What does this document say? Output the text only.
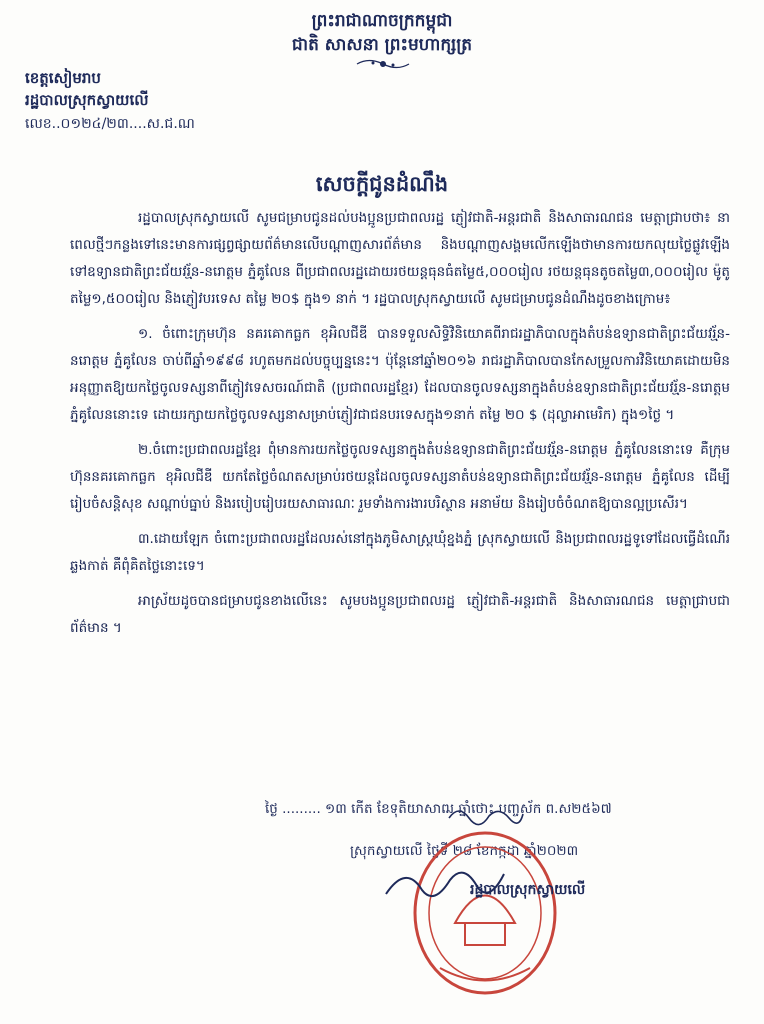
ព្រះរាជាណាចក្រកម្ពុជា
ជាតិ សាសនា ព្រះមហាក្សត្រ
ខេត្តសៀមរាប
រដ្ឋបាលស្រុកស្វាយលើ
លេខ..០១២៤/២៣....ស.ជ.ណ
សេចក្ដីជូនដំណឹង

រដ្ឋបាលស្រុកស្វាយលើ សូមជម្រាបជូនដល់បងប្អូនប្រជាពលរដ្ឋ ភ្ញៀវជាតិ-អន្តរជាតិ និងសាធារណជន មេត្តាជ្រាបថា៖ នាពេលថ្មីៗកន្លងទៅនេះមានការផ្សព្វផ្សាយព័ត៌មានលើបណ្ដាញសារព័ត៌មាន និងបណ្ដាញសង្គមលើកឡើងថាមានការយកលុយថ្លៃផ្លូវឡើងទៅឧទ្យានជាតិព្រះជ័យវរ្ម័ន-នរោត្តម ភ្នំគូលែន ពីប្រជាពលរដ្ឋដោយរថយន្តធុនធំតម្លៃ៥,០០០រៀល រថយន្តធុនតូចតម្លៃ៣,០០០រៀល ម៉ូតូតម្លៃ១,៥០០រៀល និងភ្ញៀវបរទេស តម្លៃ ២០$ ក្នុង១ នាក់ ។ រដ្ឋបាលស្រុកស្វាយលើ សូមជម្រាបជូនដំណឹងដូចខាងក្រោម៖

១. ចំពោះក្រុមហ៊ុន នគរគោកធ្លក ខុអិលជីឌី បានទទួលសិទ្ធិវិនិយោគពីរាជរដ្ឋាភិបាលក្នុងតំបន់ឧទ្យានជាតិព្រះជ័យវរ្ម័ន-នរោត្តម ភ្នំគូលែន ចាប់ពីឆ្នាំ១៩៩៨ រហូតមកដល់បច្ចុប្បន្ននេះ។ ប៉ុន្តែនៅឆ្នាំ២០១៦ រាជរដ្ឋាភិបាលបានកែសម្រួលការវិនិយោគដោយមិនអនុញ្ញាតឱ្យយកថ្លៃចូលទស្សនាពីភ្ញៀវទេសចរណ៍ជាតិ (ប្រជាពលរដ្ឋខ្មែរ) ដែលបានចូលទស្សនាក្នុងតំបន់ឧទ្យានជាតិព្រះជ័យវរ្ម័ន-នរោត្តម ភ្នំគូលែននោះទេ ដោយរក្សាយកថ្លៃចូលទស្សនាសម្រាប់ភ្ញៀវជាជនបរទេសក្នុង១នាក់ តម្លៃ ២០ $ (ដុល្លាអាមេរិក) ក្នុង១ថ្ងៃ ។

២.ចំពោះប្រជាពលរដ្ឋខ្មែរ ពុំមានការយកថ្លៃចូលទស្សនាក្នុងតំបន់ឧទ្យានជាតិព្រះជ័យវរ្ម័ន-នរោត្តម ភ្នំគូលែននោះទេ គឺក្រុមហ៊ុននគរគោកធ្លក ខុអិលជីឌី យកតែថ្លៃចំណតសម្រាប់រថយន្តដែលចូលទស្សនាតំបន់ឧទ្យានជាតិព្រះជ័យវរ្ម័ន-នរោត្តម ភ្នំគូលែន ដើម្បីរៀបចំសន្តិសុខ សណ្ដាប់ធ្នាប់ និងរបៀបរៀបរយសាធារណៈ រួមទាំងការងារបរិស្ថាន អនាម័យ និងរៀបចំចំណតឱ្យបានល្អប្រសើរ។

៣.ដោយឡែក ចំពោះប្រជាពលរដ្ឋដែលរស់នៅក្នុងភូមិសាស្ត្រឃុំខ្នងភ្នំ ស្រុកស្វាយលើ និងប្រជាពលរដ្ឋទូទៅដែលធ្វើដំណើរឆ្លងកាត់ គឺពុំគិតថ្លៃនោះទេ។

អាស្រ័យដូចបានជម្រាបជូនខាងលើនេះ សូមបងប្អូនប្រជាពលរដ្ឋ ភ្ញៀវជាតិ-អន្តរជាតិ និងសាធារណជន មេត្តាជ្រាបជាព័ត៌មាន ។

ថ្ងៃ ......... ១៣ ​កើត ខែទុតិយាសាឍ ឆ្នាំថោះ បញ្ចស័ក ព.ស២៥៦៧
ស្រុកស្វាយលើ ថ្ងៃទី ២៨ ខែកក្កដា ឆ្នាំ២០២៣
រដ្ឋបាលស្រុកស្វាយលើ
